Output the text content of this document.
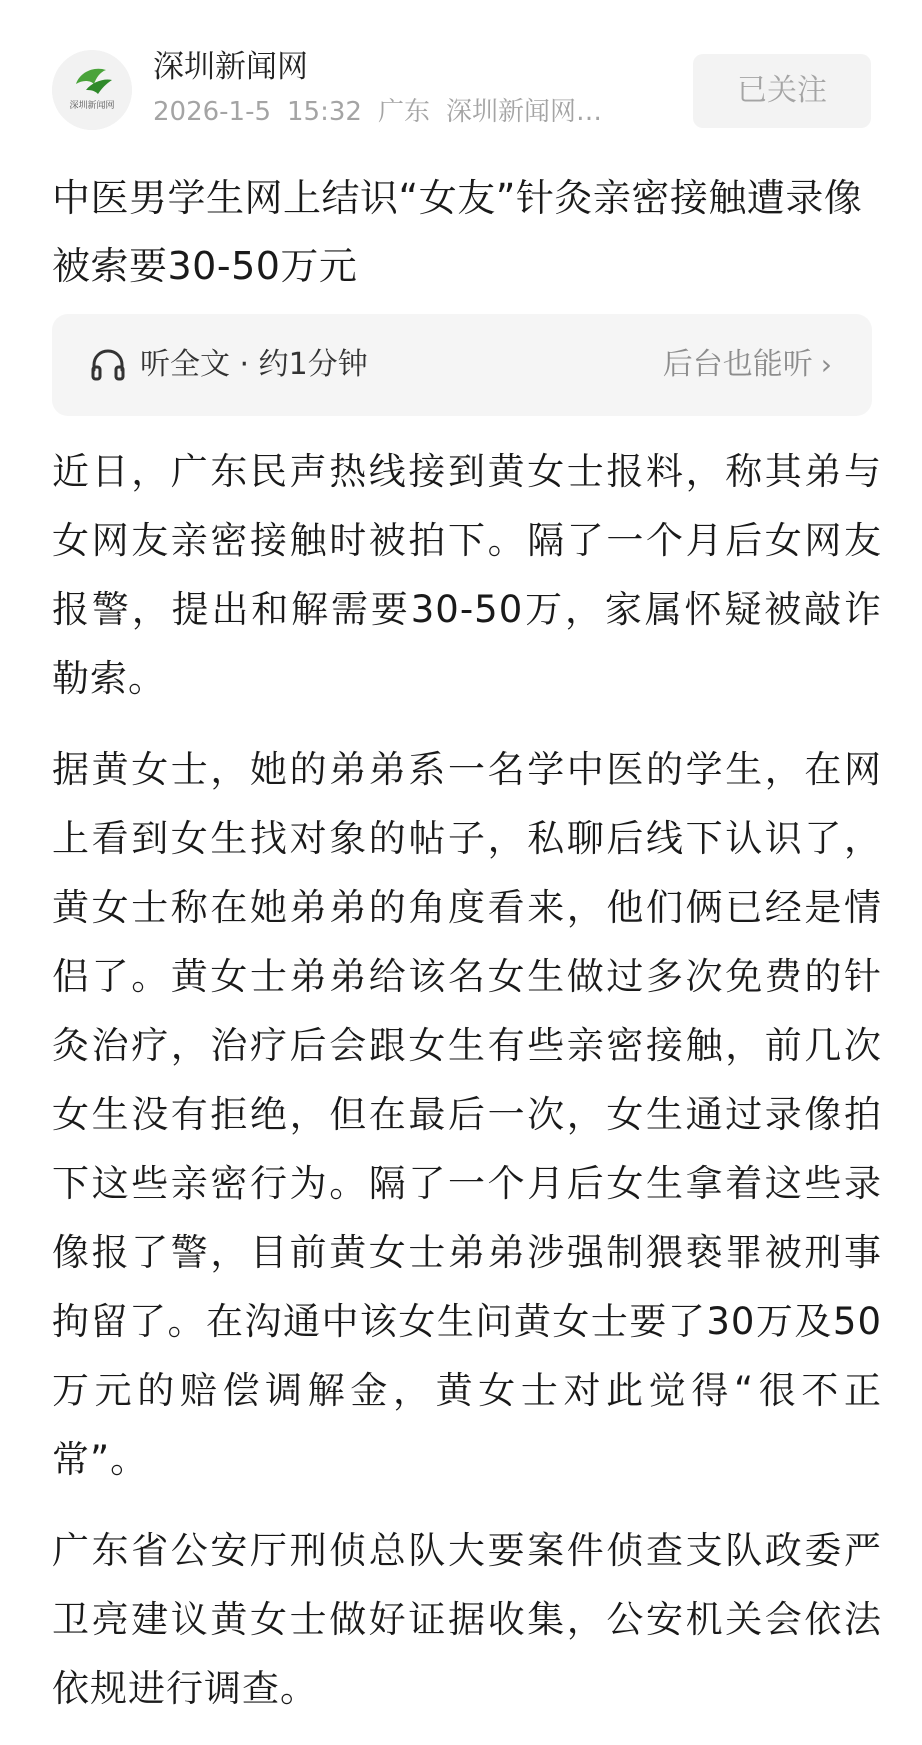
深圳新闻网
深圳新闻网
2026-1-5 15:32 广东 深圳新闻网…
已关注
中医男学生网上结识“女友”针灸亲密接触遭录像 被索要30-50万元
听全文 · 约1分钟	后台也能听 ›

近日，广东民声热线接到黄女士报料，称其弟与女网友亲密接触时被拍下。隔了一个月后女网友报警，提出和解需要30-50万，家属怀疑被敲诈勒索。

据黄女士，她的弟弟系一名学中医的学生，在网上看到女生找对象的帖子，私聊后线下认识了，黄女士称在她弟弟的角度看来，他们俩已经是情侣了。黄女士弟弟给该名女生做过多次免费的针灸治疗，治疗后会跟女生有些亲密接触，前几次女生没有拒绝，但在最后一次，女生通过录像拍下这些亲密行为。隔了一个月后女生拿着这些录像报了警，目前黄女士弟弟涉强制猥亵罪被刑事拘留了。在沟通中该女生问黄女士要了30万及50万元的赔偿调解金，黄女士对此觉得“很不正常”。

广东省公安厅刑侦总队大要案件侦查支队政委严卫亮建议黄女士做好证据收集，公安机关会依法依规进行调查。
